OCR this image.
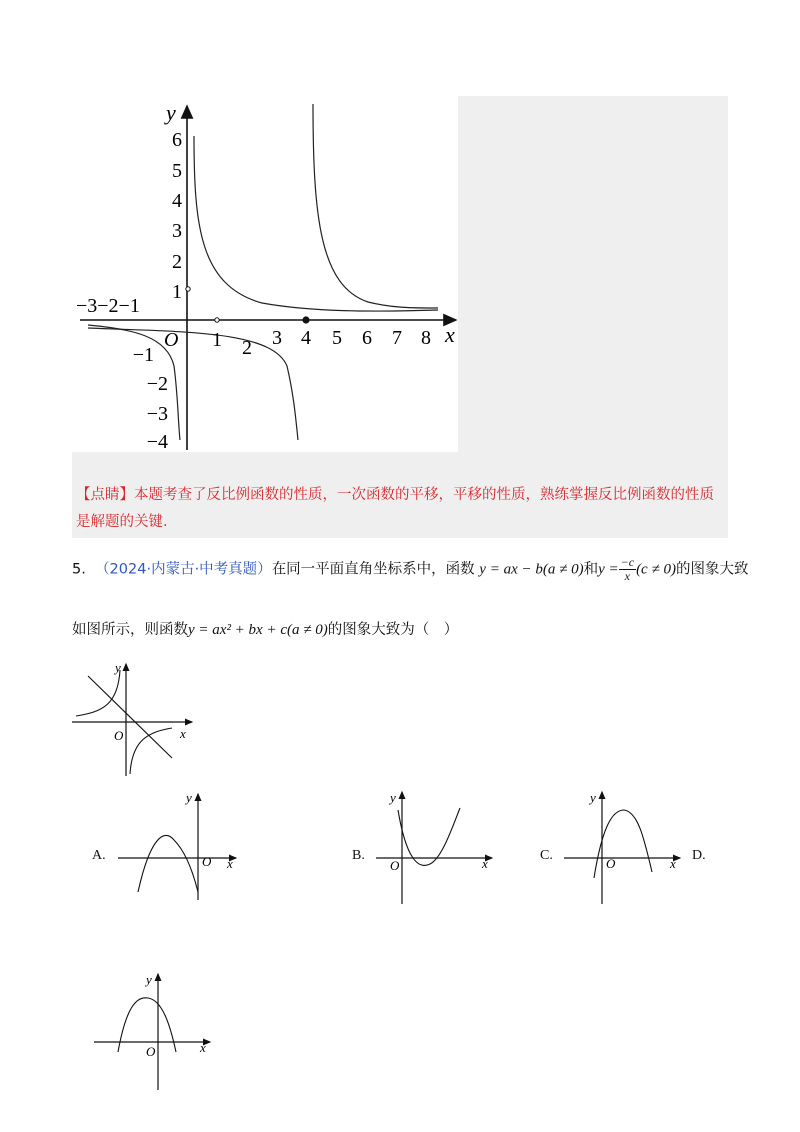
y
x
O
6
5
4
3
2
1
−1
−2
−3
−4
−3−2−1
1 2 3 4 5 6 7 8
【点睛】本题考查了反比例函数的性质，一次函数的平移，平移的性质，熟练掌握反比例函数的性质是解题的关键.
5. （2024·内蒙古·中考真题）在同一平面直角坐标系中，函数 y = ax − b(a ≠ 0)和$y = \frac{-c}{x} (c \ne 0)$的图象大致
如图所示，则函数y = ax² + bx + c(a ≠ 0)的图象大致为（　）
O	x
y
A.	O x
y
B.
O	x
y
C.
O	x
y
D.
O	x
y
